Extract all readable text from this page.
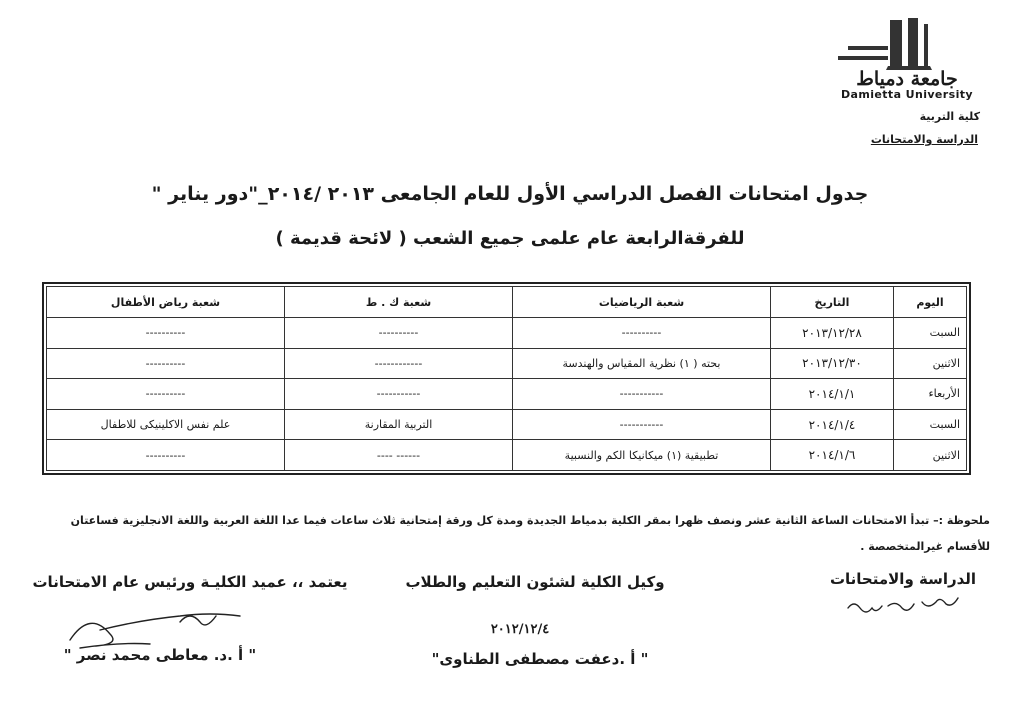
جامعة دمياط
Damietta University
كلية التربية
الدراسة والامتحانات
جدول امتحانات الفصل الدراسي الأول للعام الجامعى ٢٠١٣ /٢٠١٤_"دور يناير "
للفرقةالرابعة عام علمى جميع الشعب ( لائحة قديمة )
اليوم	التاريخ	شعبة الرياضيات	شعبة ك . ط	شعبة رياض الأطفال
السبت	٢٠١٣/١٢/٢٨	----------	----------	----------
الاثنين	٢٠١٣/١٢/٣٠	بحته ( ١) نظرية المقياس والهندسة	------------	----------
الأربعاء	٢٠١٤/١/١	-----------	-----------	----------
السبت	٢٠١٤/١/٤	-----------	التربية المقارنة	علم نفس الاكلينيكى للاطفال
الاثنين	٢٠١٤/١/٦	تطبيقية (١) ميكانيكا الكم والنسبية	------ ----	----------
ملحوظة :– تبدأ الامتحانات الساعة الثانية عشر ونصف ظهرا بمقر الكلية بدمياط الجديدة ومدة كل ورقة إمتحانية ثلاث ساعات فيما عدا اللغة العربية واللغة الانجليزية فساعتان
للأقسام غيرالمتخصصة .
الدراسة والامتحانات
وكيل الكلية لشئون التعليم والطلاب
٢٠١٢/١٢/٤
" أ .دعفت مصطفى الطناوى"
يعتمد ،، عميد الكليـة ورئيس عام الامتحانات
" أ .د. معاطى محمد نصر "
